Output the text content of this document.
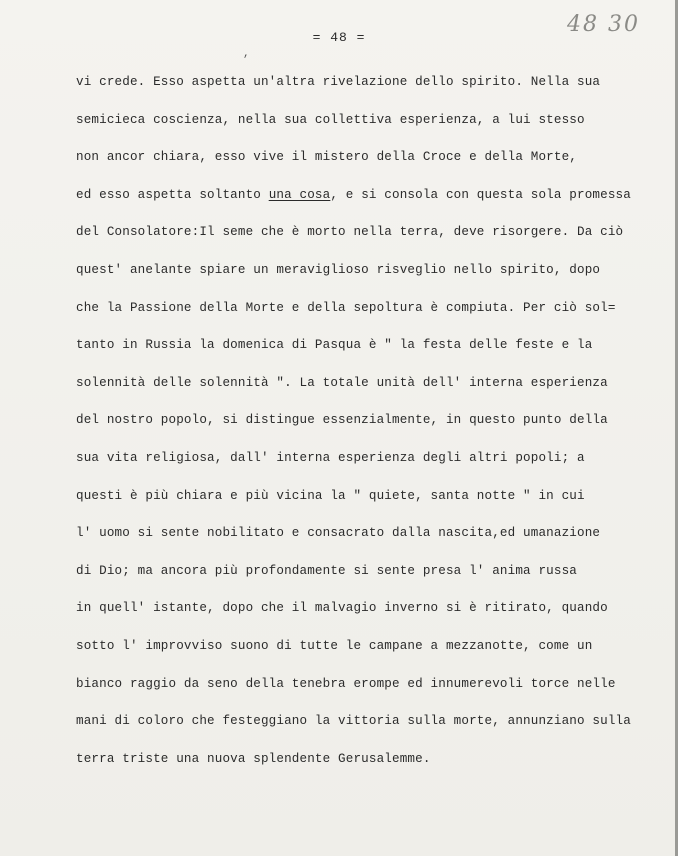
48 30
= 48 =
,
vi crede. Esso aspetta un'altra rivelazione dello spirito. Nella sua
semicieca coscienza, nella sua collettiva esperienza, a lui stesso
non ancor chiara, esso vive il mistero della Croce e della Morte,
ed esso aspetta soltanto una cosa, e si consola con questa sola promessa
del Consolatore:Il seme che è morto nella terra, deve risorgere. Da ciò
quest' anelante spiare un meraviglioso risveglio nello spirito, dopo
che la Passione della Morte e della sepoltura è compiuta. Per ciò sol=
tanto in Russia la domenica di Pasqua è " la festa delle feste e la
solennità delle solennità ". La totale unità dell' interna esperienza
del nostro popolo, si distingue essenzialmente, in questo punto della
sua vita religiosa, dall' interna esperienza degli altri popoli; a
questi è più chiara e più vicina la " quiete, santa notte " in cui
l' uomo si sente nobilitato e consacrato dalla nascita,ed umanazione
di Dio; ma ancora più profondamente si sente presa l' anima russa
in quell' istante, dopo che il malvagio inverno si è ritirato, quando
sotto l' improvviso suono di tutte le campane a mezzanotte, come un
bianco raggio da seno della tenebra erompe ed innumerevoli torce nelle
mani di coloro che festeggiano la vittoria sulla morte, annunziano sulla
terra triste una nuova splendente Gerusalemme.
